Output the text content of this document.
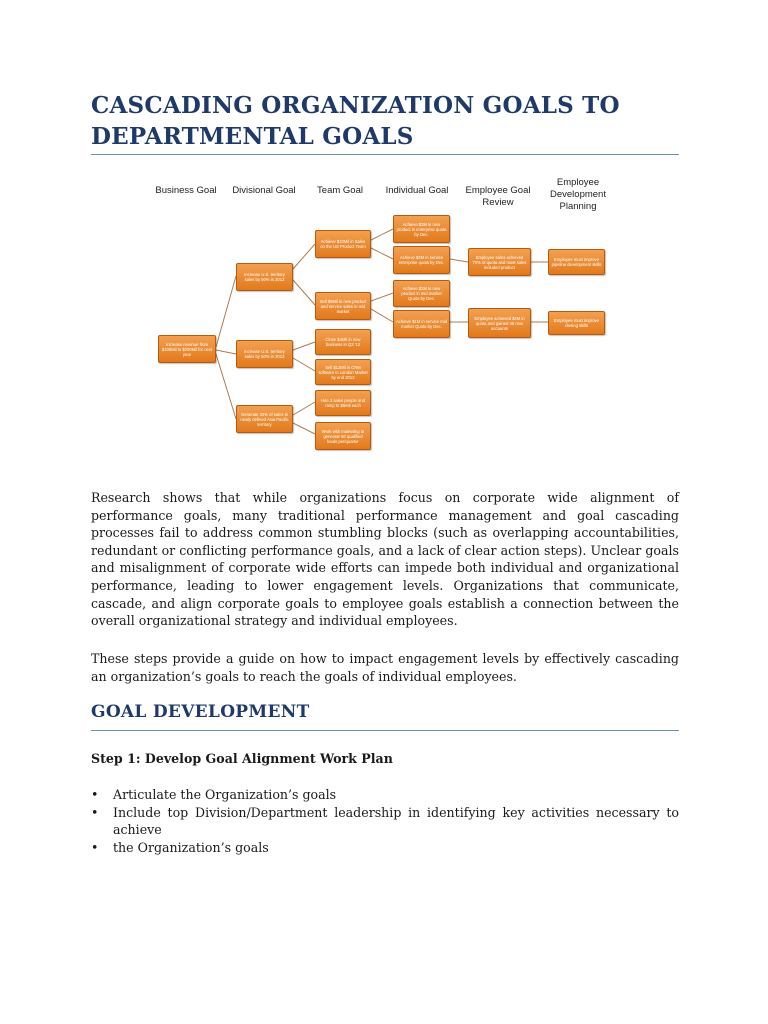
CASCADING ORGANIZATION GOALS TO DEPARTMENTAL GOALS
Business Goal	Divisional Goal	Team Goal	Individual Goal	Employee Goal Review
Employee Development Planning
Increase revenue from $100Mil to $200Mil for next year
Increase U.S. territory sales by 50% in 2012
Increase U.S. territory sales by 50% in 2012
Generate 20% of sales in newly defined Asia Pacific territory
Achieve $10Mil in Sales on the US Product Team
Sell $5Mil in new product and service sales in mid market
Close $4Mil in new business in Q3 '12
Sell $12Mil in CRM software in London Market by end 2012
Hire 3 sales people and ramp to $6Mil each
Work with marketing to generate 50 qualified leads per/quarter
Achieve $3M in new product in enterprise quota by Dec.
Achieve $2M in service enterprise quota by Dec.
Achieve $2M in new product in mid market Quota by Dec.
Achieve $1M in service mid market Quota by Dec.
Employee sales achieved 70% of quota and most sales included product
Employee achieved $4M in quota and gained 45 new accounts
Employee must improve pipeline development skills
Employee must improve closing skills

Research shows that while organizations focus on corporate wide alignment of performance goals, many traditional performance management and goal cascading processes fail to address common stumbling blocks (such as overlapping accountabilities, redundant or conflicting performance goals, and a lack of clear action steps). Unclear goals and misalignment of corporate wide efforts can impede both individual and organizational performance, leading to lower engagement levels. Organizations that communicate, cascade, and align corporate goals to employee goals establish a connection between the overall organizational strategy and individual employees.

These steps provide a guide on how to impact engagement levels by effectively cascading an organization’s goals to reach the goals of individual employees.

GOAL DEVELOPMENT

Step 1: Develop Goal Alignment Work Plan

• Articulate the Organization’s goals
• Include top Division/Department leadership in identifying key activities necessary to achieve
• the Organization’s goals
